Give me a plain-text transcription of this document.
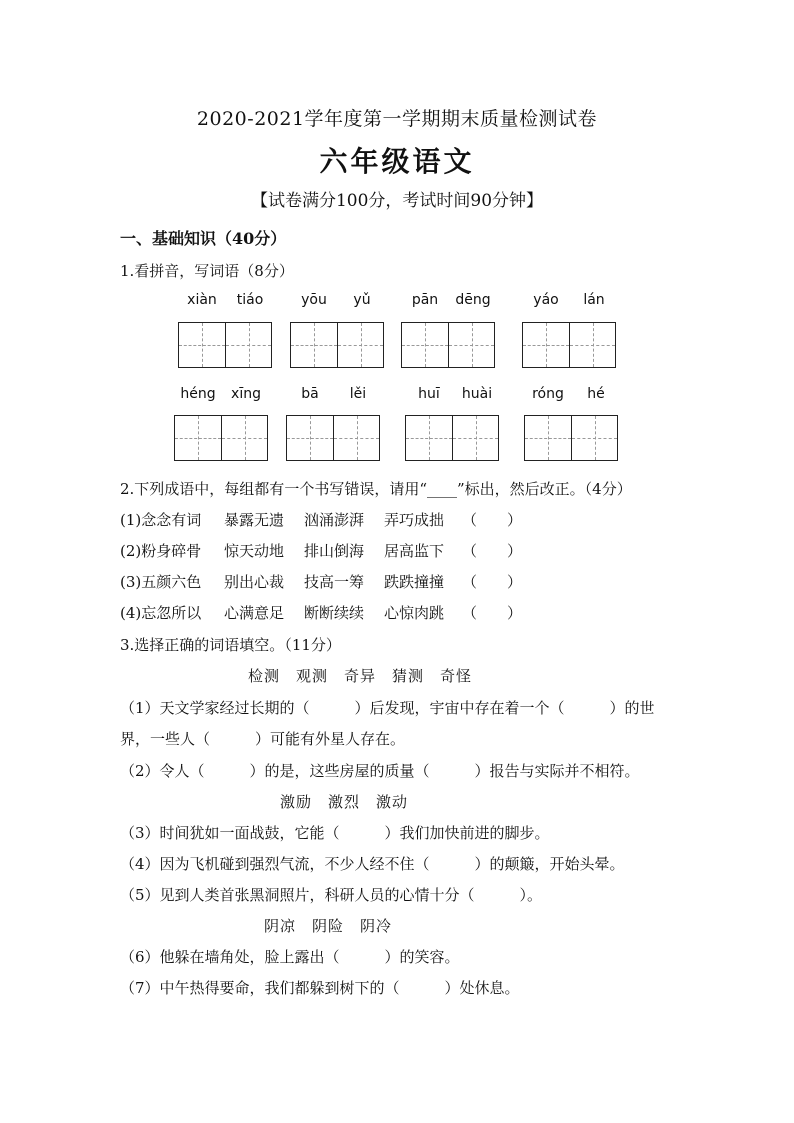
2020-2021学年度第一学期期末质量检测试卷
六年级语文
【试卷满分100分，考试时间90分钟】
一、基础知识（40分）
1.看拼音，写词语（8分）
xiàn tiáo	yōu yǔ	pān dēng	yáo lán
héng xīng	bā lěi	huī huài	róng hé
2.下列成语中，每组都有一个书写错误，请用“____”标出，然后改正。（4分）
(1)念念有词 暴露无遗 汹涌澎湃 弄巧成拙 （　　）
(2)粉身碎骨 惊天动地 排山倒海 居高监下 （　　）
(3)五颜六色 别出心裁 技高一筹 跌跌撞撞 （　　）
(4)忘忽所以 心满意足 断断续续 心惊肉跳 （　　）
3.选择正确的词语填空。（11分）
检测　观测　奇异　猜测　奇怪
（1）天文学家经过长期的（　　　）后发现，宇宙中存在着一个（　　　）的世
界，一些人（　　　）可能有外星人存在。
（2）令人（　　　）的是，这些房屋的质量（　　　）报告与实际并不相符。
激励　激烈　激动
（3）时间犹如一面战鼓，它能（　　　）我们加快前进的脚步。
（4）因为飞机碰到强烈气流，不少人经不住（　　　）的颠簸，开始头晕。
（5）见到人类首张黑洞照片，科研人员的心情十分（　　　）。
阴凉　阴险　阴冷
（6）他躲在墙角处，脸上露出（　　　）的笑容。
（7）中午热得要命，我们都躲到树下的（　　　）处休息。
